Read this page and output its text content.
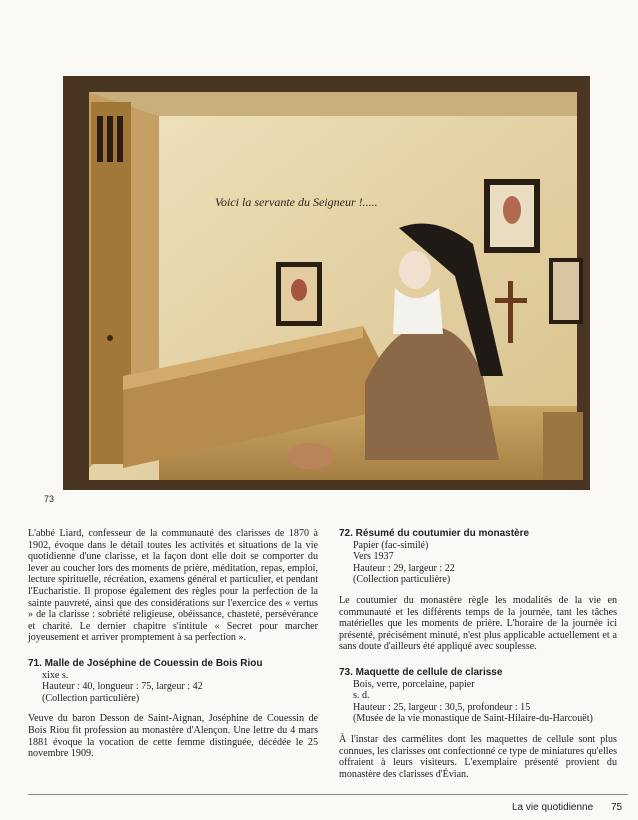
Voici la servante du Seigneur !.....
73

L'abbé Liard, confesseur de la communauté des clarisses de 1870 à 1902, évoque dans le détail toutes les activités et situations de la vie quotidienne d'une clarisse, et la façon dont elle doit se comporter du lever au coucher lors des moments de prière, méditation, repas, emploi, lecture spirituelle, récréation, examens général et particulier, et pendant l'Eucharistie. Il propose également des règles pour la perfection de la sainte pauvreté, ainsi que des considérations sur l'exercice des « vertus » de la clarisse : sobriété religieuse, obéissance, chasteté, persévérance et charité. Le dernier chapitre s'intitule « Secret pour marcher joyeusement et arriver promptement à sa perfection ».

71. Malle de Joséphine de Couessin de Bois Riou

xixe s.
Hauteur : 40, longueur : 75, largeur : 42
(Collection particulière)

Veuve du baron Desson de Saint-Aignan, Joséphine de Couessin de Bois Riou fit profession au monastère d'Alençon. Une lettre du 4 mars 1881 évoque la vocation de cette femme distinguée, décédée le 25 novembre 1909.

72. Résumé du coutumier du monastère

Papier (fac-similé)
Vers 1937
Hauteur : 29, largeur : 22
(Collection particulière)

Le coutumier du monastère règle les modalités de la vie en communauté et les différents temps de la journée, tant les tâches matérielles que les moments de prière. L'horaire de la journée ici présenté, précisément minuté, n'est plus applicable actuellement et a sans doute d'ailleurs été appliqué avec souplesse.

73. Maquette de cellule de clarisse

Bois, verre, porcelaine, papier
s. d.
Hauteur : 25, largeur : 30,5, profondeur : 15
(Musée de la vie monastique de Saint-Hilaire-du-Harcouët)

À l'instar des carmélites dont les maquettes de cellule sont plus connues, les clarisses ont confectionné ce type de miniatures qu'elles offraient à leurs visiteurs. L'exemplaire présenté provient du monastère des clarisses d'Évian.

La vie quotidienne 75
